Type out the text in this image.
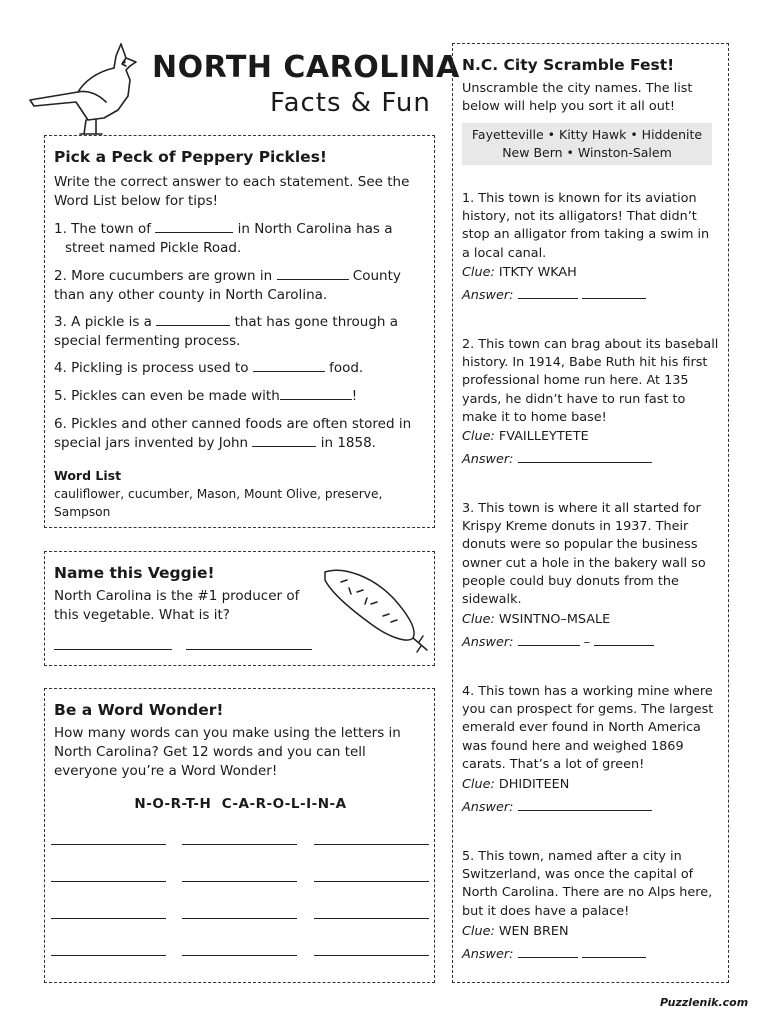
NORTH CAROLINA
Facts & Fun
Pick a Peck of Peppery Pickles!
Write the correct answer to each statement. See the Word List below for tips!
1. The town of	in North Carolina has a
street named Pickle Road.
2. More cucumbers are grown in	County
than any other county in North Carolina.
3. A pickle is a	that has gone through a
special fermenting process.
4. Pickling is process used to	food.
5. Pickles can even be made with	!
6. Pickles and other canned foods are often stored in
special jars invented by John	in 1858.
Word List
cauliflower, cucumber, Mason, Mount Olive, preserve, Sampson
Name this Veggie!
North Carolina is the #1 producer of this vegetable. What is it?
Be a Word Wonder!
How many words can you make using the letters in North Carolina? Get 12 words and you can tell everyone you’re a Word Wonder!
N-O-R-T-H  C-A-R-O-L-I-N-A
N.C. City Scramble Fest!
Unscramble the city names. The list below will help you sort it all out!
Fayetteville • Kitty Hawk • Hiddenite
New Bern • Winston-Salem
1. This town is known for its aviation history, not its alligators! That didn’t stop an alligator from taking a swim in a local canal.
Clue: ITKTY WKAH
Answer:
2. This town can brag about its baseball history. In 1914, Babe Ruth hit his first professional home run here. At 135 yards, he didn’t have to run fast to make it to home base!
Clue: FVAILLEYTETE
Answer:
3. This town is where it all started for Krispy Kreme donuts in 1937. Their donuts were so popular the business owner cut a hole in the bakery wall so people could buy donuts from the sidewalk.
Clue: WSINTNO–MSALE
Answer:	–
4. This town has a working mine where you can prospect for gems. The largest emerald ever found in North America was found here and weighed 1869 carats. That’s a lot of green!
Clue: DHIDITEEN
Answer:
5. This town, named after a city in Switzerland, was once the capital of North Carolina. There are no Alps here, but it does have a palace!
Clue: WEN BREN
Answer:
Puzzlenik.com
